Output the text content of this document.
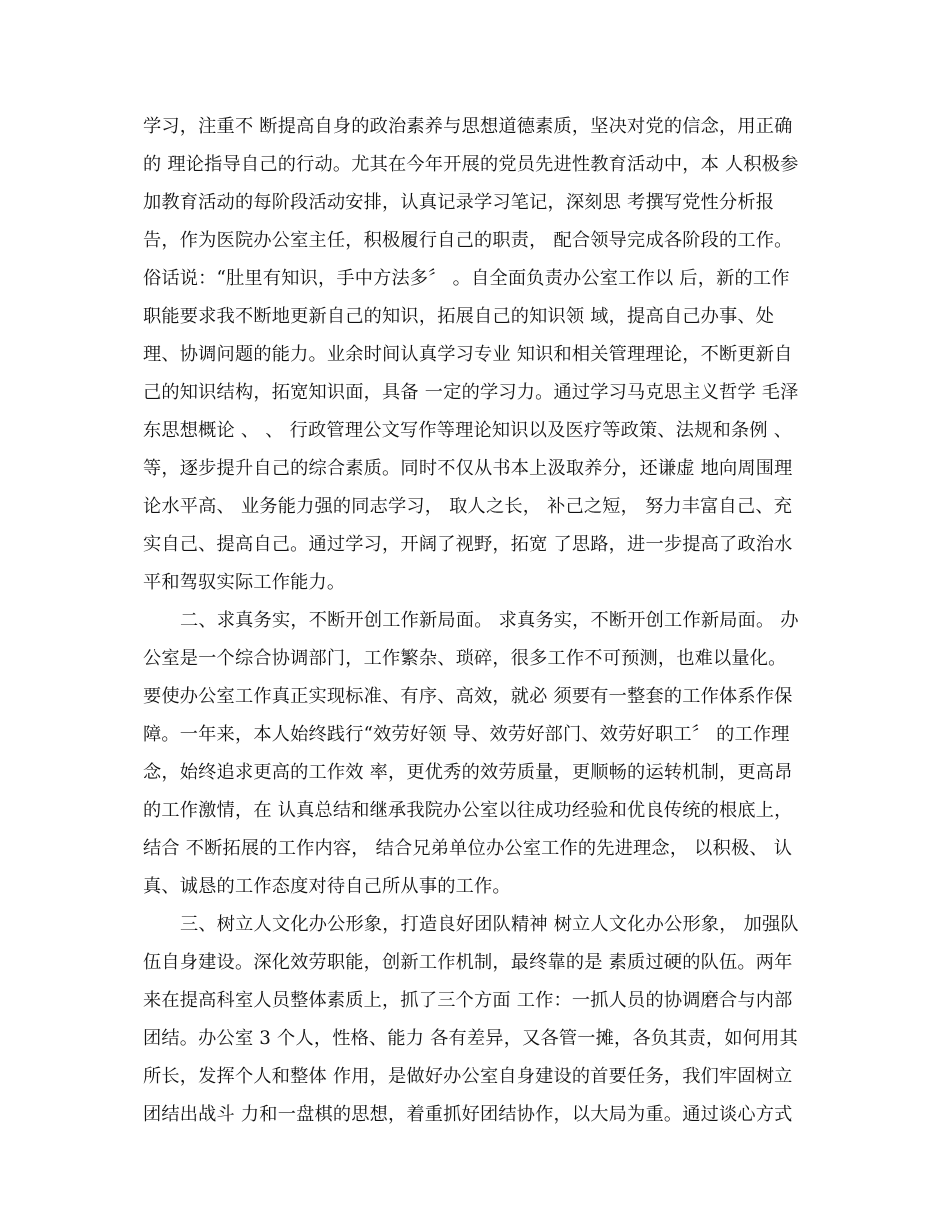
学习，注重不 断提高自身的政治素养与思想道德素质，坚决对党的信念，用正确
的 理论指导自己的行动。尤其在今年开展的党员先进性教育活动中，本 人积极参
加教育活动的每阶段活动安排，认真记录学习笔记，深刻思 考撰写党性分析报
告，作为医院办公室主任，积极履行自己的职责， 配合领导完成各阶段的工作。
俗话说：“肚里有知识，手中方法多〞 。自全面负责办公室工作以 后，新的工作
职能要求我不断地更新自己的知识，拓展自己的知识领 域，提高自己办事、处
理、协调问题的能力。业余时间认真学习专业 知识和相关管理理论，不断更新自
己的知识结构，拓宽知识面，具备 一定的学习力。通过学习马克思主义哲学 毛泽
东思想概论 、 、 行政管理公文写作等理论知识以及医疗等政策、法规和条例 、
等，逐步提升自己的综合素质。同时不仅从书本上汲取养分，还谦虚 地向周围理
论水平高、 业务能力强的同志学习， 取人之长， 补己之短， 努力丰富自己、充
实自己、提高自己。通过学习，开阔了视野，拓宽 了思路，进一步提高了政治水
平和驾驭实际工作能力。
二、求真务实，不断开创工作新局面。 求真务实，不断开创工作新局面。 办
公室是一个综合协调部门，工作繁杂、琐碎，很多工作不可预测，也难以量化。
要使办公室工作真正实现标准、有序、高效，就必 须要有一整套的工作体系作保
障。一年来，本人始终践行“效劳好领 导、效劳好部门、效劳好职工〞 的工作理
念，始终追求更高的工作效 率，更优秀的效劳质量，更顺畅的运转机制，更高昂
的工作激情，在 认真总结和继承我院办公室以往成功经验和优良传统的根底上，
结合 不断拓展的工作内容， 结合兄弟单位办公室工作的先进理念， 以积极、 认
真、诚恳的工作态度对待自己所从事的工作。
三、树立人文化办公形象，打造良好团队精神 树立人文化办公形象， 加强队
伍自身建设。深化效劳职能，创新工作机制，最终靠的是 素质过硬的队伍。两年
来在提高科室人员整体素质上，抓了三个方面 工作：一抓人员的协调磨合与内部
团结。办公室 3 个人，性格、能力 各有差异，又各管一摊，各负其责，如何用其
所长，发挥个人和整体 作用，是做好办公室自身建设的首要任务，我们牢固树立
团结出战斗 力和一盘棋的思想，着重抓好团结协作，以大局为重。通过谈心方式
